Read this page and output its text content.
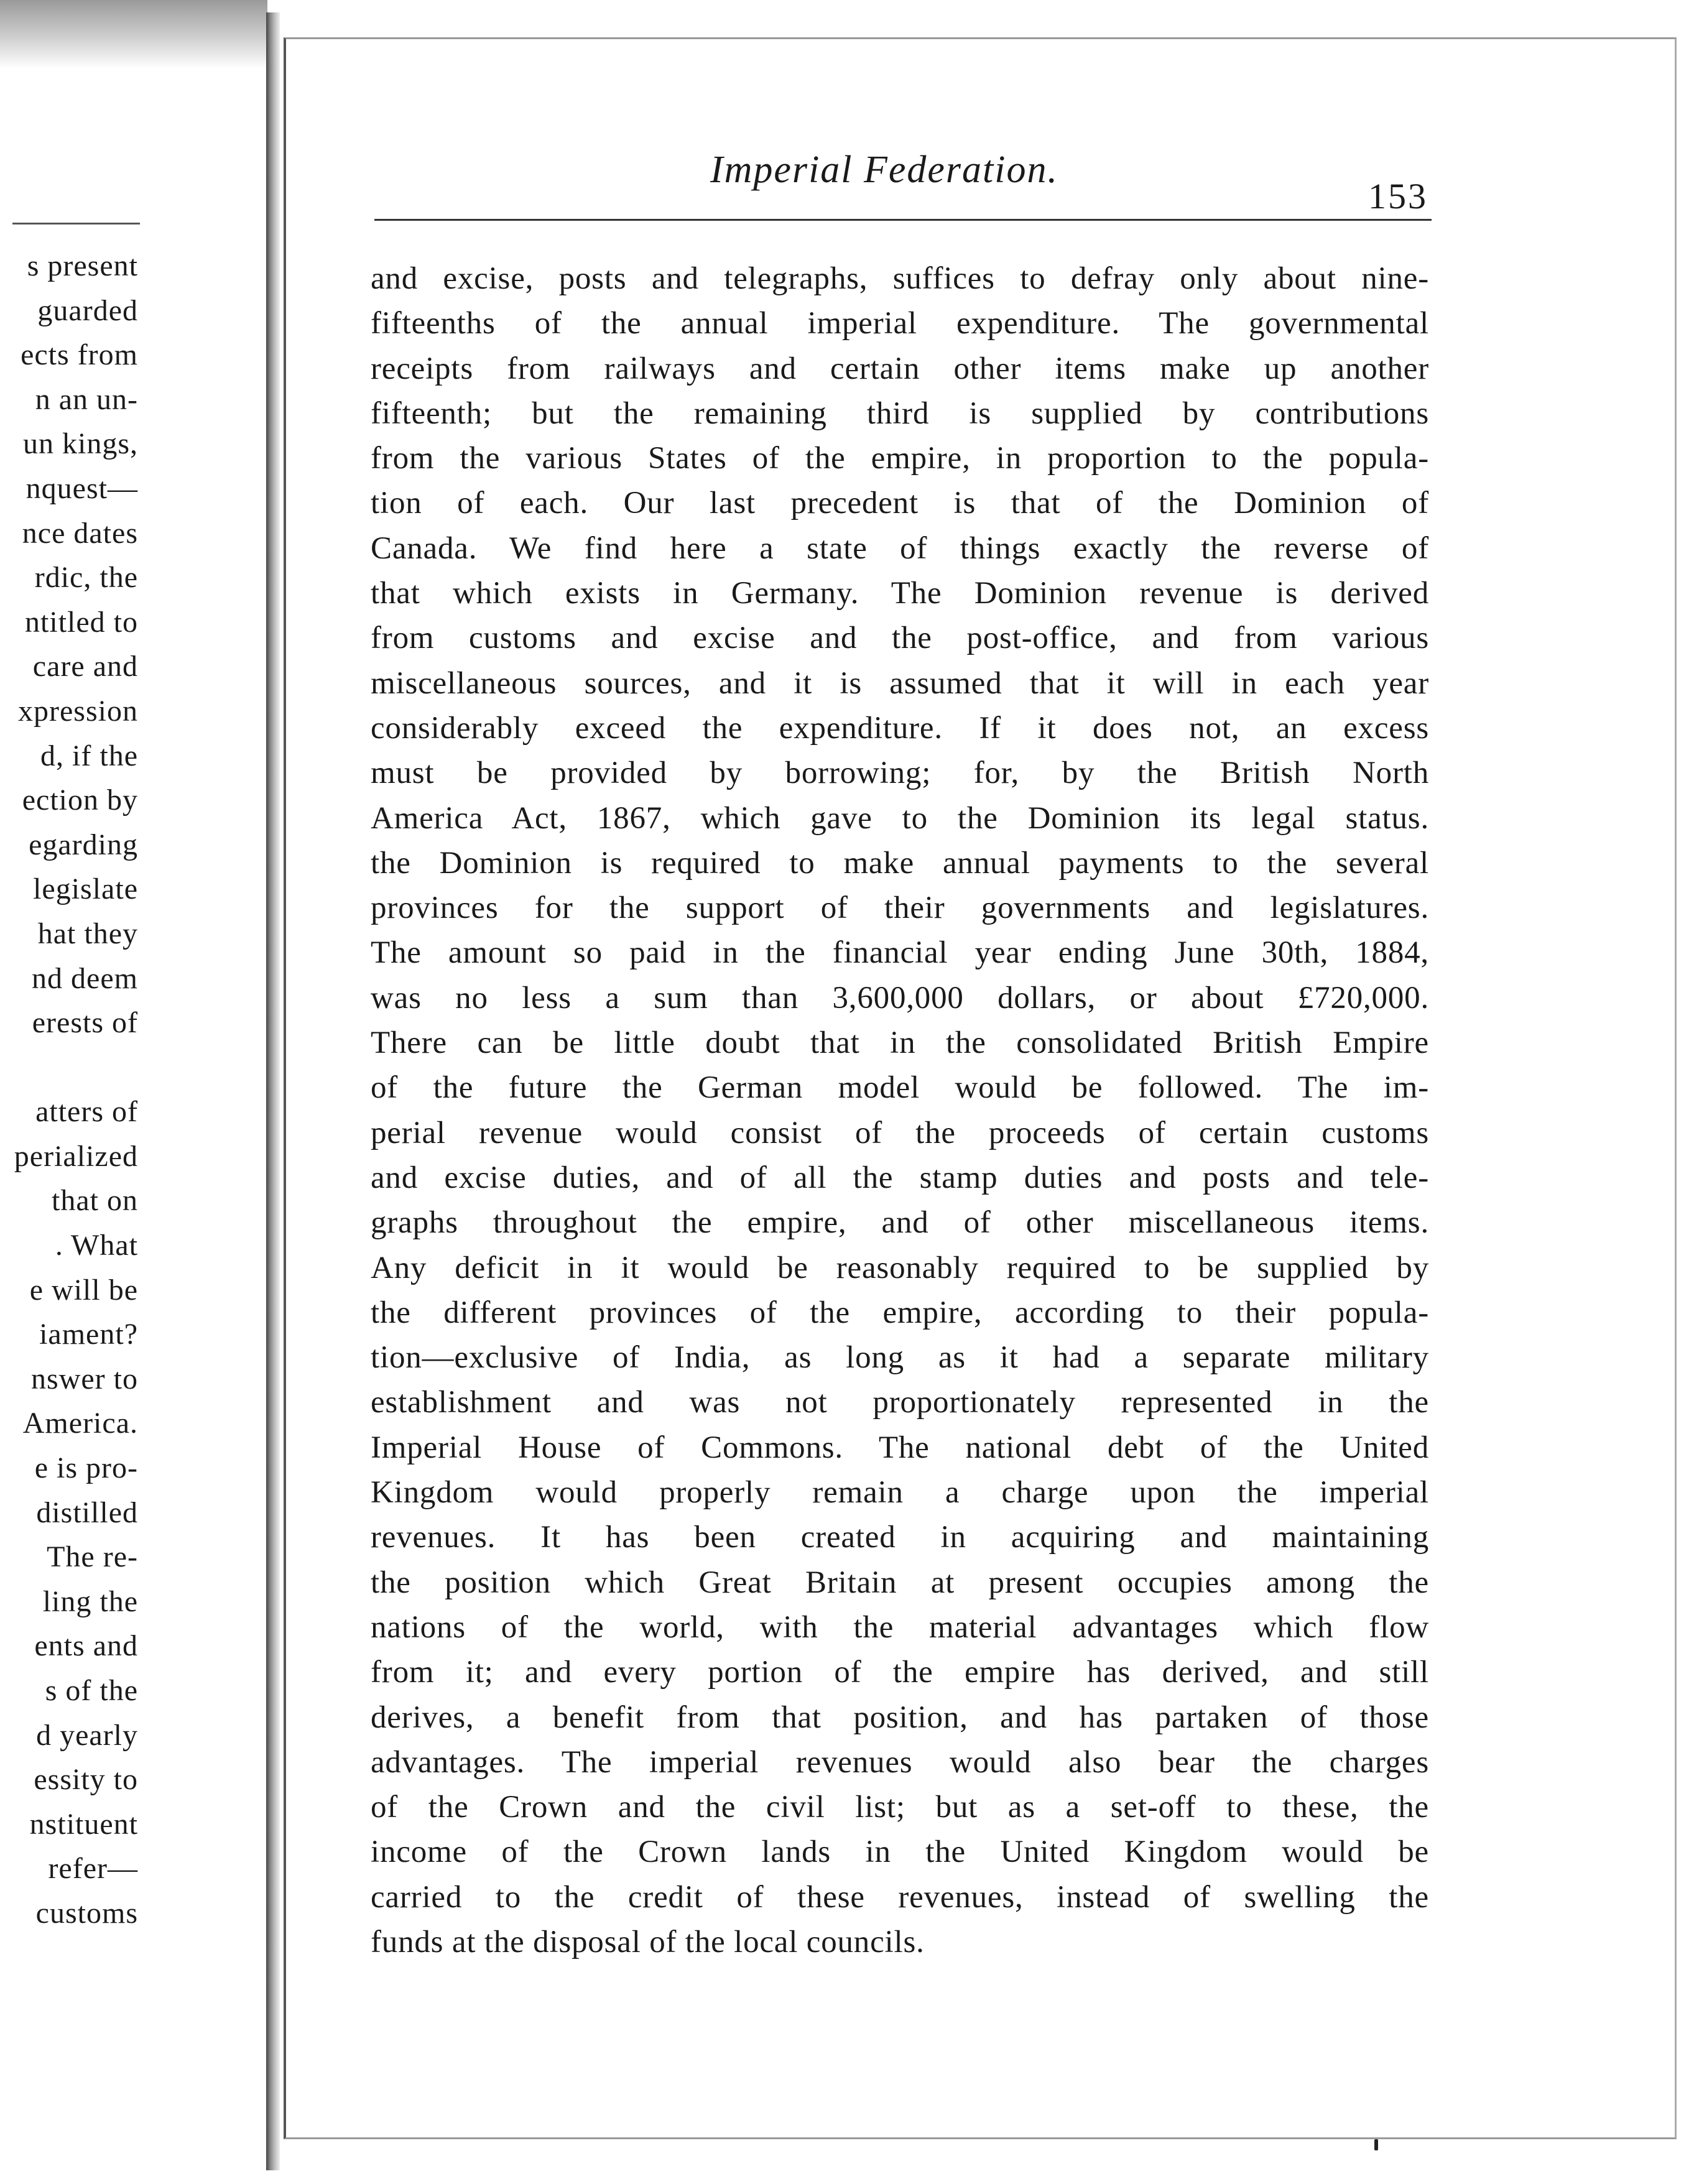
s present
guarded
ects from
n an un-
un kings,
nquest—
nce dates
rdic, the
ntitled to
care and
xpression
d, if the
ection by
egarding
legislate
hat they
nd deem
erests of

atters of
perialized
that on
. What
e will be
iament?
nswer to
America.
e is pro-
distilled
The re-
ling the
ents and
s of the
d yearly
essity to
nstituent
refer—
customs
Imperial Federation.
153
and excise, posts and telegraphs, suffices to defray only about nine-
fifteenths of the annual imperial expenditure. The governmental
receipts from railways and certain other items make up another
fifteenth; but the remaining third is supplied by contributions
from the various States of the empire, in proportion to the popula-
tion of each. Our last precedent is that of the Dominion of
Canada. We find here a state of things exactly the reverse of
that which exists in Germany. The Dominion revenue is derived
from customs and excise and the post-office, and from various
miscellaneous sources, and it is assumed that it will in each year
considerably exceed the expenditure. If it does not, an excess
must be provided by borrowing; for, by the British North
America Act, 1867, which gave to the Dominion its legal status.
the Dominion is required to make annual payments to the several
provinces for the support of their governments and legislatures.
The amount so paid in the financial year ending June 30th, 1884,
was no less a sum than 3,600,000 dollars, or about £720,000.
There can be little doubt that in the consolidated British Empire
of the future the German model would be followed. The im-
perial revenue would consist of the proceeds of certain customs
and excise duties, and of all the stamp duties and posts and tele-
graphs throughout the empire, and of other miscellaneous items.
Any deficit in it would be reasonably required to be supplied by
the different provinces of the empire, according to their popula-
tion—exclusive of India, as long as it had a separate military
establishment and was not proportionately represented in the
Imperial House of Commons. The national debt of the United
Kingdom would properly remain a charge upon the imperial
revenues. It has been created in acquiring and maintaining
the position which Great Britain at present occupies among the
nations of the world, with the material advantages which flow
from it; and every portion of the empire has derived, and still
derives, a benefit from that position, and has partaken of those
advantages. The imperial revenues would also bear the charges
of the Crown and the civil list; but as a set-off to these, the
income of the Crown lands in the United Kingdom would be
carried to the credit of these revenues, instead of swelling the
funds at the disposal of the local councils.
